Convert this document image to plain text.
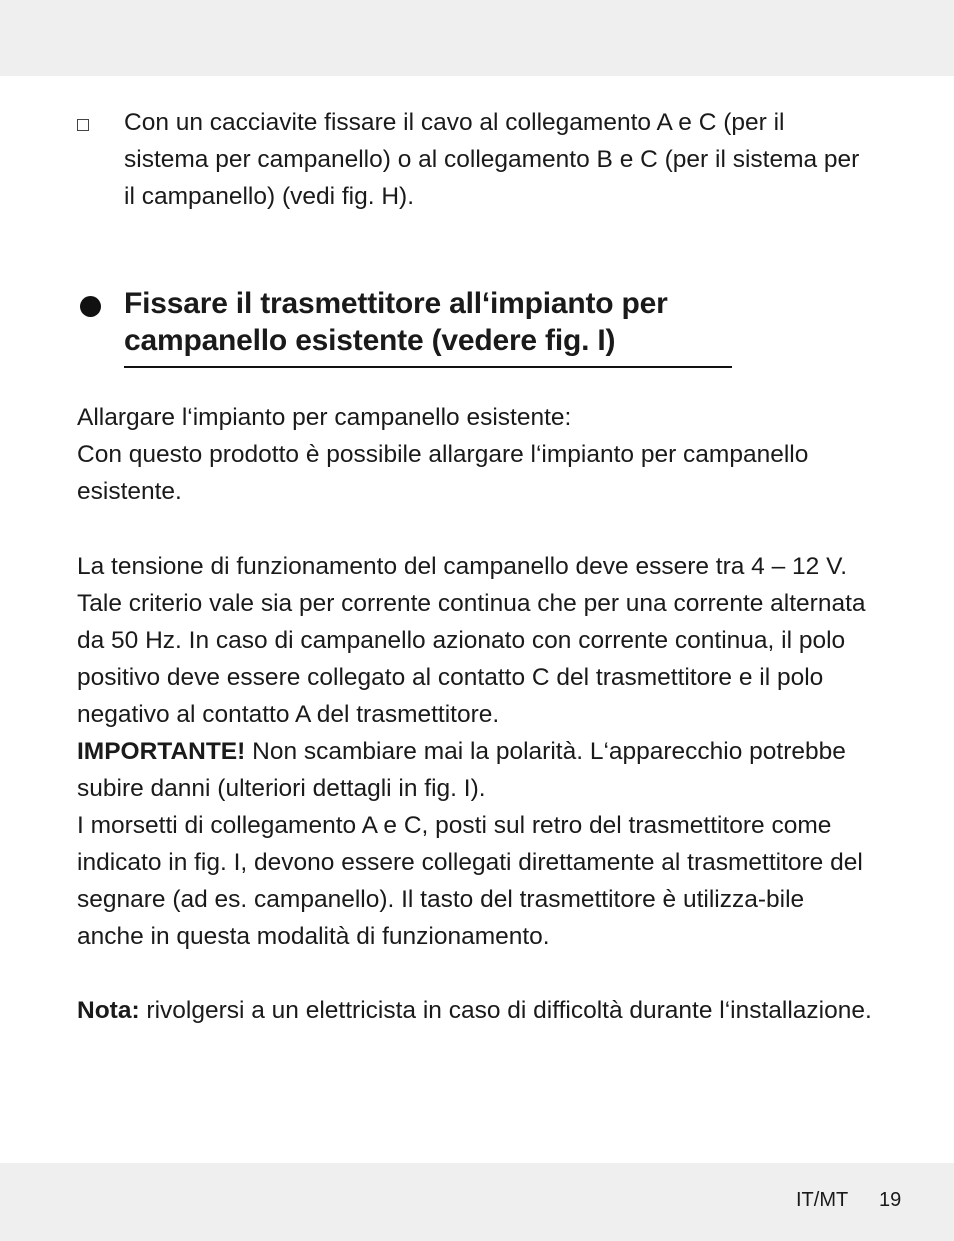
Con un cacciavite fissare il cavo al collegamento A e C (per il sistema per campanello) o al collegamento B e C (per il sistema per il campanello) (vedi fig. H).
Fissare il trasmettitore all‘impianto per
campanello esistente (vedere fig. I)

Allargare l‘impianto per campanello esistente:

Con questo prodotto è possibile allargare l‘impianto per campanello esistente.

La tensione di funzionamento del campanello deve essere tra 4 – 12 V. Tale criterio vale sia per corrente continua che per una corrente alternata da 50 Hz. In caso di campanello azionato con corrente continua, il polo positivo deve essere collegato al contatto C del trasmettitore e il polo negativo al contatto A del trasmettitore.

IMPORTANTE! Non scambiare mai la polarità. L‘apparecchio potrebbe subire danni (ulteriori dettagli in fig. I).

I morsetti di collegamento A e C, posti sul retro del trasmettitore come indicato in fig. I, devono essere collegati direttamente al trasmettitore del segnare (ad es. campanello). Il tasto del trasmettitore è utilizza-bile anche in questa modalità di funzionamento.

Nota: rivolgersi a un elettricista in caso di difficoltà durante l‘installazione.

IT/MT 19
